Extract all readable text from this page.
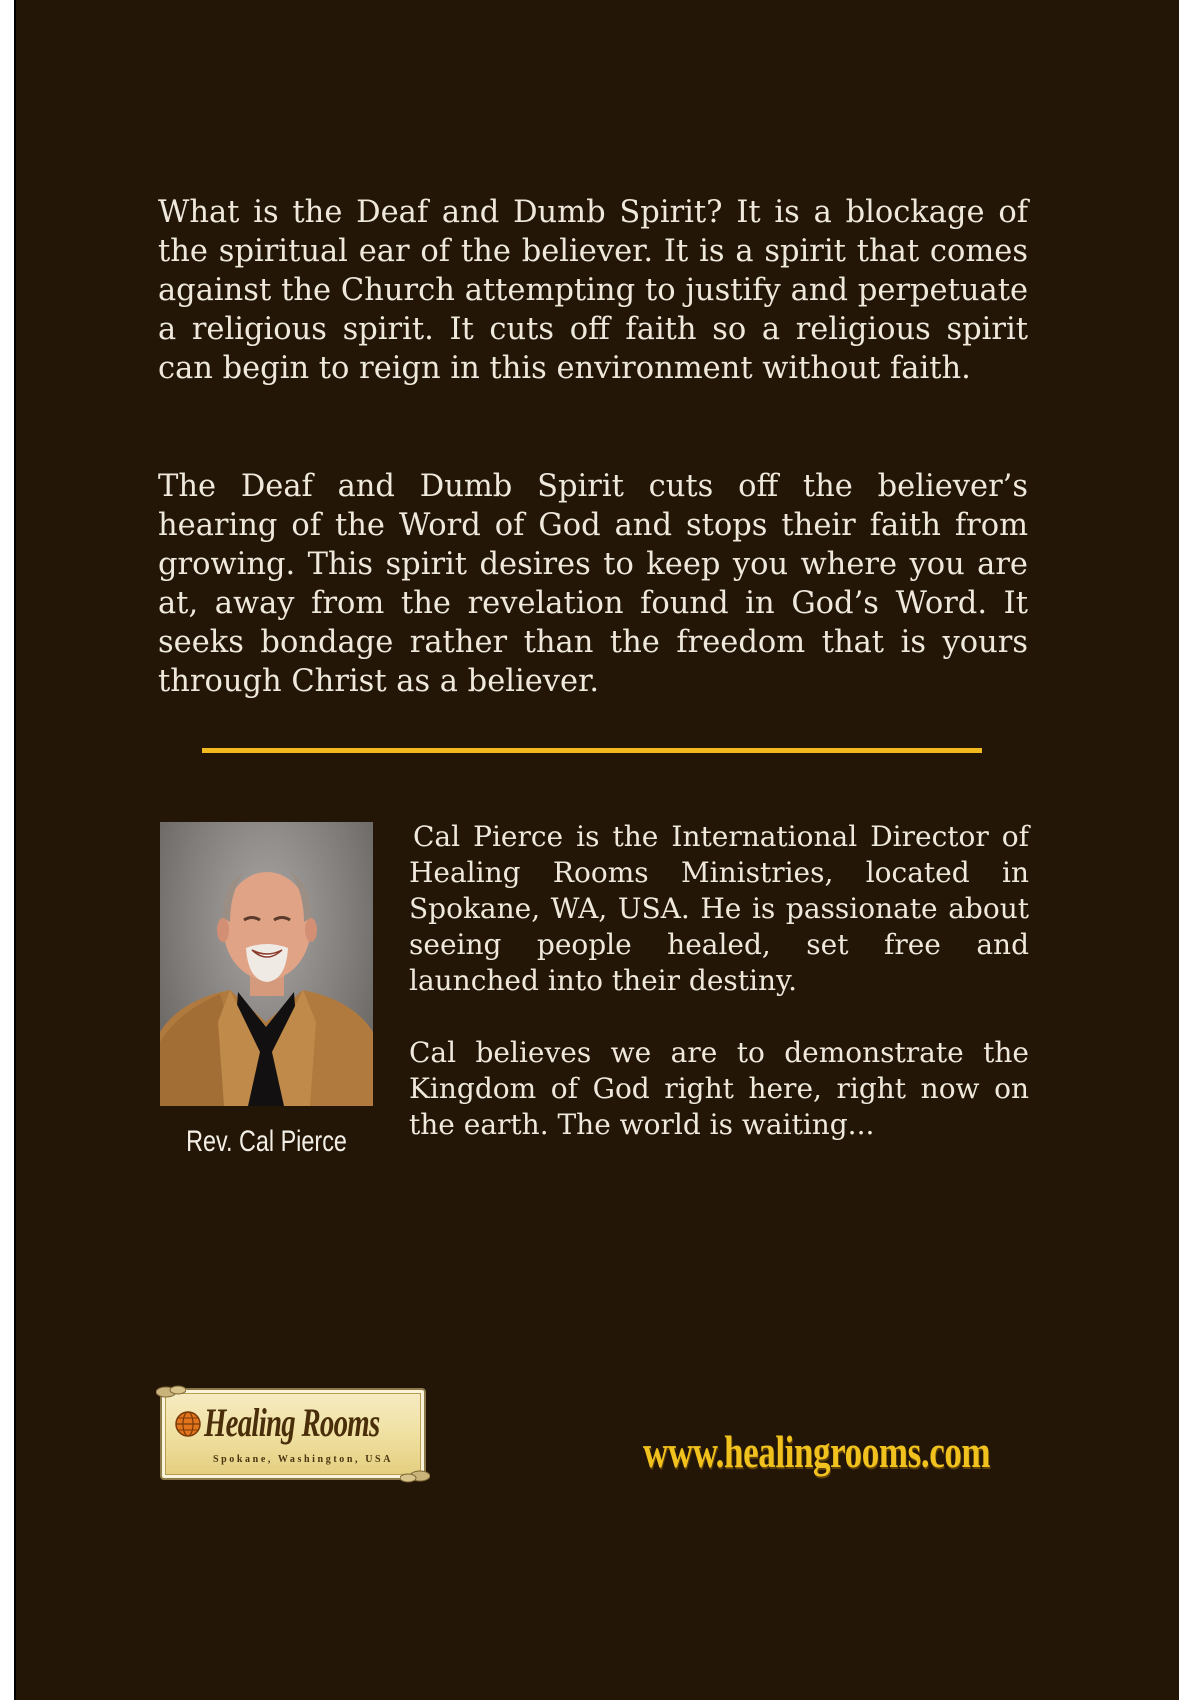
What is the Deaf and Dumb Spirit? It is a blockage of the spiritual ear of the believer. It is a spirit that comes against the Church attempting to justify and perpetuate a religious spirit. It cuts off faith so a religious spirit can begin to reign in this environment without faith.

The Deaf and Dumb Spirit cuts off the believer’s hearing of the Word of God and stops their faith from growing. This spirit desires to keep you where you are at, away from the revelation found in God’s Word. It seeks bondage rather than the freedom that is yours through Christ as a believer.

Rev. Cal Pierce

Cal Pierce is the International Director of Healing Rooms Ministries, located in Spokane, WA, USA. He is passionate about seeing people healed, set free and launched into their destiny.

Cal believes we are to demonstrate the Kingdom of God right here, right now on the earth. The world is waiting...

Healing Rooms
Spokane, Washington, USA	www.healingrooms.com
